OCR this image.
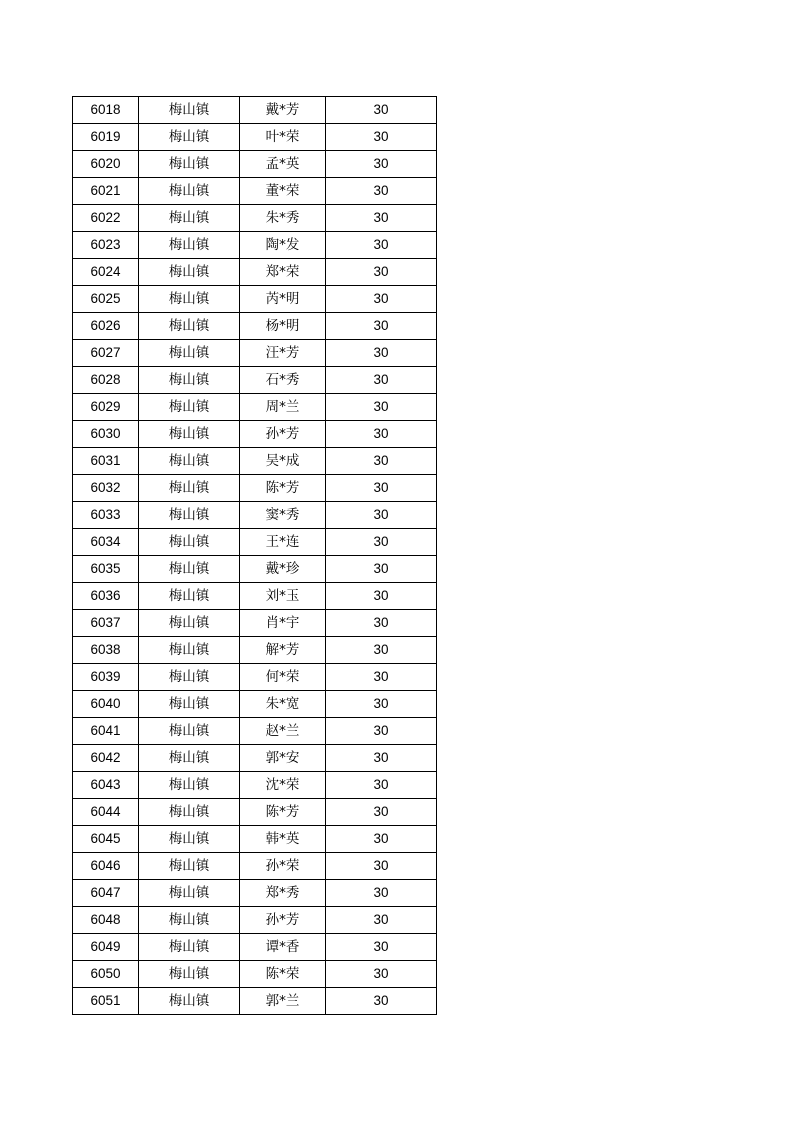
6018	梅山镇	戴*芳	30
6019	梅山镇	叶*荣	30
6020	梅山镇	孟*英	30
6021	梅山镇	董*荣	30
6022	梅山镇	朱*秀	30
6023	梅山镇	陶*发	30
6024	梅山镇	郑*荣	30
6025	梅山镇	芮*明	30
6026	梅山镇	杨*明	30
6027	梅山镇	汪*芳	30
6028	梅山镇	石*秀	30
6029	梅山镇	周*兰	30
6030	梅山镇	孙*芳	30
6031	梅山镇	吴*成	30
6032	梅山镇	陈*芳	30
6033	梅山镇	窦*秀	30
6034	梅山镇	王*连	30
6035	梅山镇	戴*珍	30
6036	梅山镇	刘*玉	30
6037	梅山镇	肖*宇	30
6038	梅山镇	解*芳	30
6039	梅山镇	何*荣	30
6040	梅山镇	朱*宽	30
6041	梅山镇	赵*兰	30
6042	梅山镇	郭*安	30
6043	梅山镇	沈*荣	30
6044	梅山镇	陈*芳	30
6045	梅山镇	韩*英	30
6046	梅山镇	孙*荣	30
6047	梅山镇	郑*秀	30
6048	梅山镇	孙*芳	30
6049	梅山镇	谭*香	30
6050	梅山镇	陈*荣	30
6051	梅山镇	郭*兰	30
